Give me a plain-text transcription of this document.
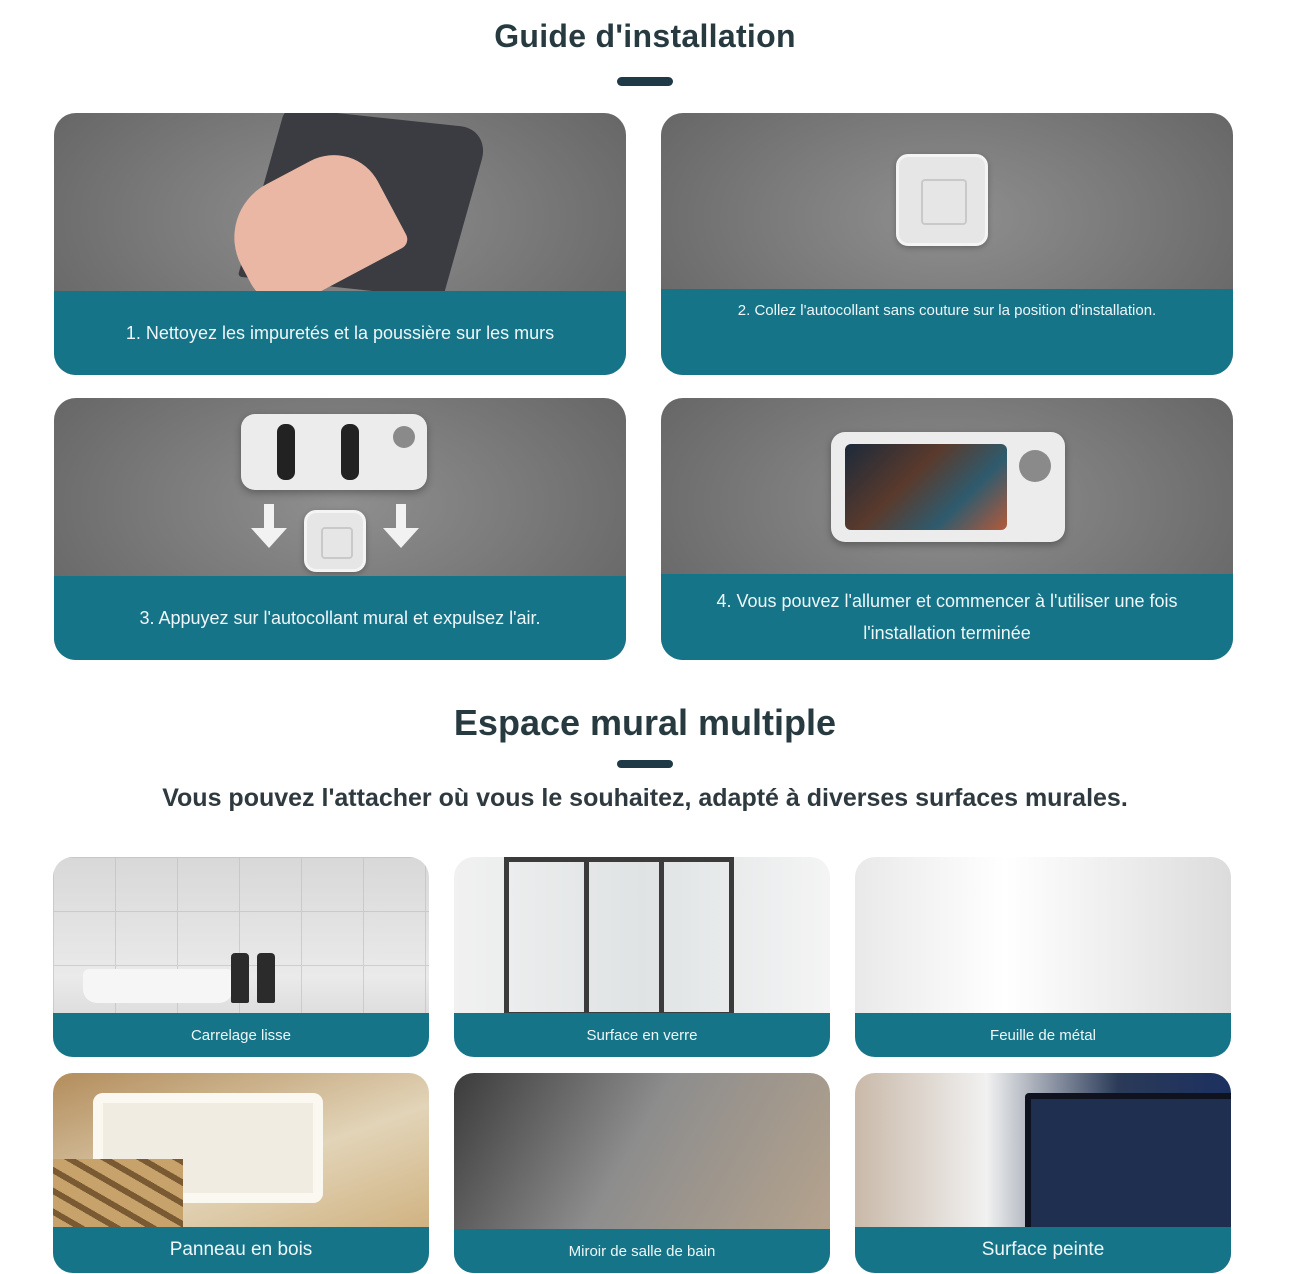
Guide d'installation
1. Nettoyez les impuretés et la poussière sur les murs
2. Collez l'autocollant sans couture sur la position d'installation.
3. Appuyez sur l'autocollant mural et expulsez l'air.
4. Vous pouvez l'allumer et commencer à l'utiliser une fois l'installation terminée
Espace mural multiple
Vous pouvez l'attacher où vous le souhaitez, adapté à diverses surfaces murales.
Carrelage lisse	Surface en verre	Feuille de métal
Panneau en bois	Miroir de salle de bain	Surface peinte
